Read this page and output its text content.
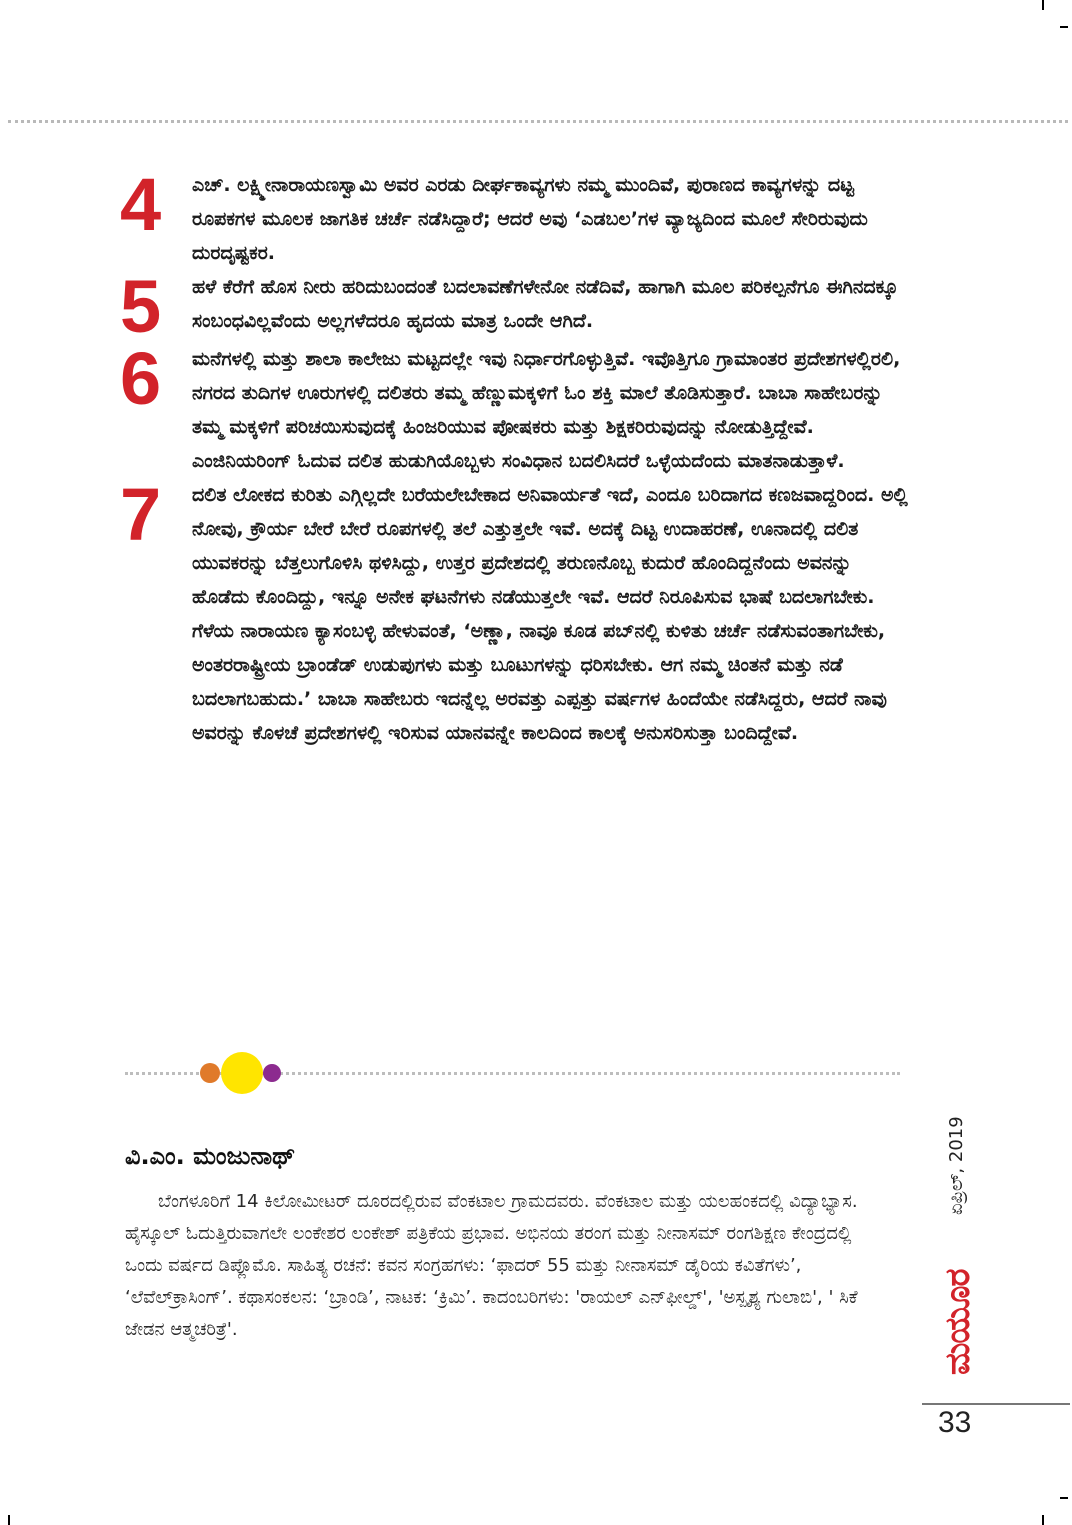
4	ಎಚ್. ಲಕ್ಷ್ಮೀನಾರಾಯಣಸ್ವಾಮಿ ಅವರ ಎರಡು ದೀರ್ಘಕಾವ್ಯಗಳು ನಮ್ಮ ಮುಂದಿವೆ, ಪುರಾಣದ ಕಾವ್ಯಗಳನ್ನು ದಟ್ಟ ರೂಪಕಗಳ ಮೂಲಕ ಜಾಗತಿಕ ಚರ್ಚೆ ನಡೆಸಿದ್ದಾರೆ; ಆದರೆ ಅವು ‘ಎಡಬಲ’ಗಳ ವ್ಯಾಜ್ಯದಿಂದ ಮೂಲೆ ಸೇರಿರುವುದು ದುರದೃಷ್ಟಕರ.
5	ಹಳೆ ಕೆರೆಗೆ ಹೊಸ ನೀರು ಹರಿದುಬಂದಂತೆ ಬದಲಾವಣೆಗಳೇನೋ ನಡೆದಿವೆ, ಹಾಗಾಗಿ ಮೂಲ ಪರಿಕಲ್ಪನೆಗೂ ಈಗಿನದಕ್ಕೂ ಸಂಬಂಧವಿಲ್ಲವೆಂದು ಅಲ್ಲಗಳೆದರೂ ಹೃದಯ ಮಾತ್ರ ಒಂದೇ ಆಗಿದೆ.
6	ಮನೆಗಳಲ್ಲಿ ಮತ್ತು ಶಾಲಾ ಕಾಲೇಜು ಮಟ್ಟದಲ್ಲೇ ಇವು ನಿರ್ಧಾರಗೊಳ್ಳುತ್ತಿವೆ. ಇವೊತ್ತಿಗೂ ಗ್ರಾಮಾಂತರ ಪ್ರದೇಶಗಳಲ್ಲಿರಲಿ, ನಗರದ ತುದಿಗಳ ಊರುಗಳಲ್ಲಿ ದಲಿತರು ತಮ್ಮ ಹೆಣ್ಣುಮಕ್ಕಳಿಗೆ ಓಂ ಶಕ್ತಿ ಮಾಲೆ ತೊಡಿಸುತ್ತಾರೆ. ಬಾಬಾ ಸಾಹೇಬರನ್ನು ತಮ್ಮ ಮಕ್ಕಳಿಗೆ ಪರಿಚಯಿಸುವುದಕ್ಕೆ ಹಿಂಜರಿಯುವ ಪೋಷಕರು ಮತ್ತು ಶಿಕ್ಷಕರಿರುವುದನ್ನು ನೋಡುತ್ತಿದ್ದೇವೆ. ಎಂಜಿನಿಯರಿಂಗ್ ಓದುವ ದಲಿತ ಹುಡುಗಿಯೊಬ್ಬಳು ಸಂವಿಧಾನ ಬದಲಿಸಿದರೆ ಒಳ್ಳೆಯದೆಂದು ಮಾತನಾಡುತ್ತಾಳೆ.
7	ದಲಿತ ಲೋಕದ ಕುರಿತು ಎಗ್ಗಿಲ್ಲದೇ ಬರೆಯಲೇಬೇಕಾದ ಅನಿವಾರ್ಯತೆ ಇದೆ, ಎಂದೂ ಬರಿದಾಗದ ಕಣಜವಾದ್ದರಿಂದ. ಅಲ್ಲಿ ನೋವು, ಕ್ರೌರ್ಯ ಬೇರೆ ಬೇರೆ ರೂಪಗಳಲ್ಲಿ ತಲೆ ಎತ್ತುತ್ತಲೇ ಇವೆ. ಅದಕ್ಕೆ ದಿಟ್ಟ ಉದಾಹರಣೆ, ಊನಾದಲ್ಲಿ ದಲಿತ ಯುವಕರನ್ನು ಬೆತ್ತಲುಗೊಳಿಸಿ ಥಳಿಸಿದ್ದು, ಉತ್ತರ ಪ್ರದೇಶದಲ್ಲಿ ತರುಣನೊಬ್ಬ ಕುದುರೆ ಹೊಂದಿದ್ದನೆಂದು ಅವನನ್ನು ಹೊಡೆದು ಕೊಂದಿದ್ದು, ಇನ್ನೂ ಅನೇಕ ಘಟನೆಗಳು ನಡೆಯುತ್ತಲೇ ಇವೆ. ಆದರೆ ನಿರೂಪಿಸುವ ಭಾಷೆ ಬದಲಾಗಬೇಕು. ಗೆಳೆಯ ನಾರಾಯಣ ಕ್ಯಾಸಂಬಳ್ಳಿ ಹೇಳುವಂತೆ, ‘ಅಣ್ಣಾ, ನಾವೂ ಕೂಡ ಪಬ್‌ನಲ್ಲಿ ಕುಳಿತು ಚರ್ಚೆ ನಡೆಸುವಂತಾಗಬೇಕು, ಅಂತರರಾಷ್ಟ್ರೀಯ ಬ್ರಾಂಡೆಡ್ ಉಡುಪುಗಳು ಮತ್ತು ಬೂಟುಗಳನ್ನು ಧರಿಸಬೇಕು. ಆಗ ನಮ್ಮ ಚಿಂತನೆ ಮತ್ತು ನಡೆ ಬದಲಾಗಬಹುದು.’ ಬಾಬಾ ಸಾಹೇಬರು ಇದನ್ನೆಲ್ಲ ಅರವತ್ತು ಎಪ್ಪತ್ತು ವರ್ಷಗಳ ಹಿಂದೆಯೇ ನಡೆಸಿದ್ದರು, ಆದರೆ ನಾವು ಅವರನ್ನು ಕೊಳಚೆ ಪ್ರದೇಶಗಳಲ್ಲಿ ಇರಿಸುವ ಯಾನವನ್ನೇ ಕಾಲದಿಂದ ಕಾಲಕ್ಕೆ ಅನುಸರಿಸುತ್ತಾ ಬಂದಿದ್ದೇವೆ.
ವಿ.ಎಂ. ಮಂಜುನಾಥ್
ಬೆಂಗಳೂರಿಗೆ 14 ಕಿಲೋಮೀಟರ್ ದೂರದಲ್ಲಿರುವ ವೆಂಕಟಾಲ ಗ್ರಾಮದವರು. ವೆಂಕಟಾಲ ಮತ್ತು ಯಲಹಂಕದಲ್ಲಿ ವಿದ್ಯಾಭ್ಯಾಸ. ಹೈಸ್ಕೂಲ್ ಓದುತ್ತಿರುವಾಗಲೇ ಲಂಕೇಶರ ಲಂಕೇಶ್ ಪತ್ರಿಕೆಯ ಪ್ರಭಾವ. ಅಭಿನಯ ತರಂಗ ಮತ್ತು ನೀನಾಸಮ್ ರಂಗಶಿಕ್ಷಣ ಕೇಂದ್ರದಲ್ಲಿ ಒಂದು ವರ್ಷದ ಡಿಪ್ಲೊಮೊ. ಸಾಹಿತ್ಯ ರಚನೆ: ಕವನ ಸಂಗ್ರಹಗಳು: ‘ಫಾದರ್ 55 ಮತ್ತು ನೀನಾಸಮ್ ಡೈರಿಯ ಕವಿತೆಗಳು’, ‘ಲೆವೆಲ್‌ಕ್ರಾಸಿಂಗ್’. ಕಥಾಸಂಕಲನ: ‘ಬ್ರಾಂಡಿ’, ನಾಟಕ: ‘ಕ್ರಿಮಿ’. ಕಾದಂಬರಿಗಳು: 'ರಾಯಲ್ ಎನ್‌ಫೀಲ್ಡ್', 'ಅಸ್ಪೃಶ್ಯ ಗುಲಾಬಿ', ' ಸಿಕೆ ಜೇಡನ ಆತ್ಮಚರಿತ್ರೆ'.
ಏಪ್ರಿಲ್, 2019
ಮಯೂರ
33
